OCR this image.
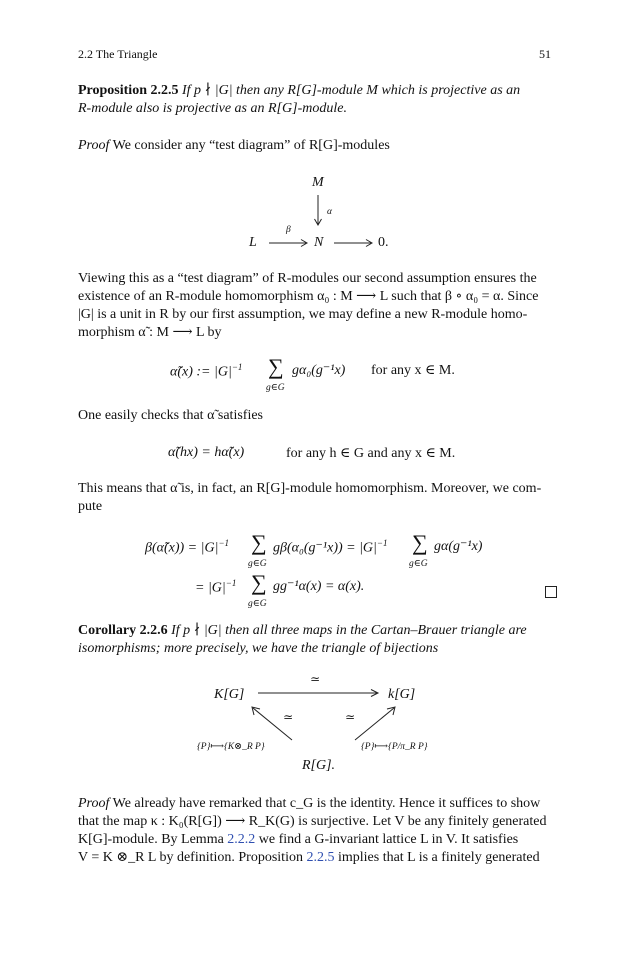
2.2 The Triangle	51
Proposition 2.2.5 If p ∤ |G| then any R[G]-module M which is projective as an
R-module also is projective as an R[G]-module.
Proof We consider any “test diagram” of R[G]-modules
M
α
β
L	N	0.
Viewing this as a “test diagram” of R-modules our second assumption ensures the
existence of an R-module homomorphism α₀ : M ⟶ L such that β ∘ α₀ = α. Since
|G| is a unit in R by our first assumption, we may define a new R-module homo-
morphism α̃ : M ⟶ L by
α̃(x) := $|G|^{-1}$ ∑
g∈G
gα₀(g⁻¹x) for any x ∈ M.
One easily checks that α̃ satisfies
α̃(hx) = hα̃(x)	for any h ∈ G and any x ∈ M.
This means that α̃ is, in fact, an R[G]-module homomorphism. Moreover, we com-
pute
β(α̃(x)) = $|G|^{-1}$ ∑
g∈G
$g\beta(\alpha_0(g^{-1}x)) = |G|^{-1}$ ∑
g∈G
gα(g⁻¹x)
= $|G|^{-1}$ ∑
g∈G
gg⁻¹α(x) = α(x).
Corollary 2.2.6 If p ∤ |G| then all three maps in the Cartan–Brauer triangle are
isomorphisms; more precisely, we have the triangle of bijections
K[G]	k[G]
≃
≃	≃
{P}⟼{K⊗_R P}	{P}⟼{P/π_R P}
R[G].
Proof We already have remarked that c_G is the identity. Hence it suffices to show
that the map κ : K₀(R[G]) ⟶ R_K(G) is surjective. Let V be any finitely generated
K[G]-module. By Lemma 2.2.2 we find a G-invariant lattice L in V. It satisfies
V = K ⊗_R L by definition. Proposition 2.2.5 implies that L is a finitely generated
